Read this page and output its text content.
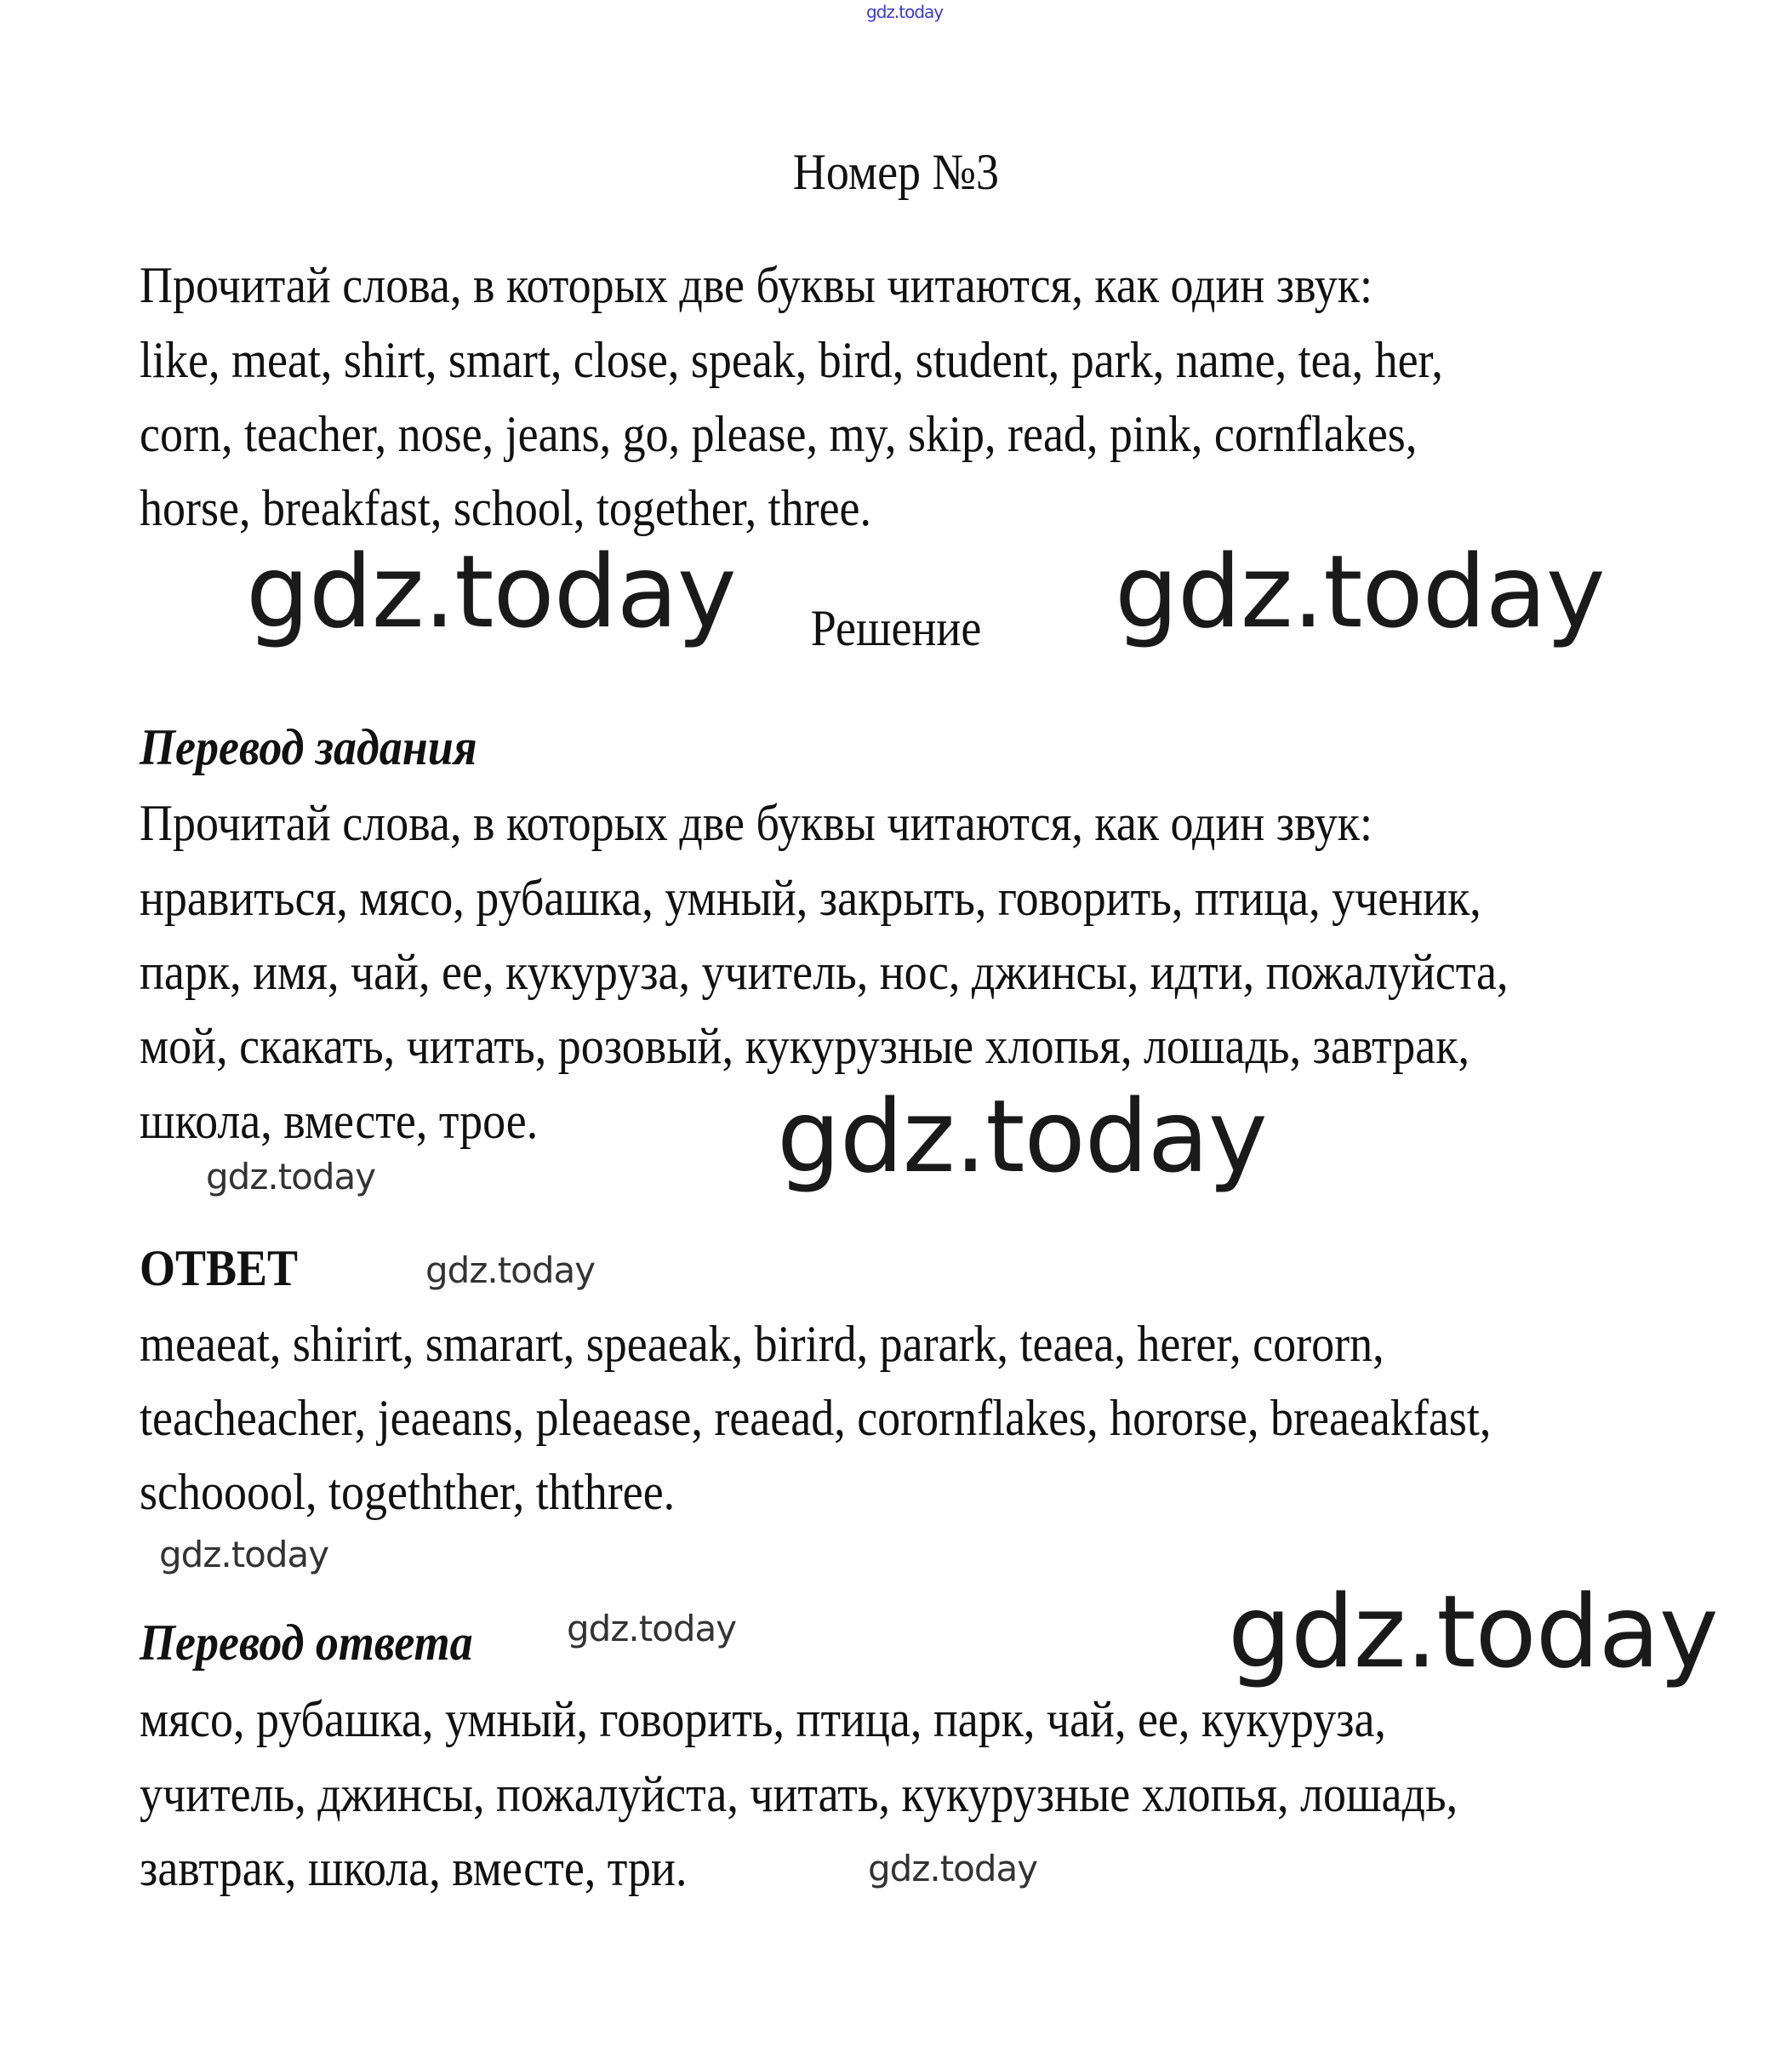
gdz.today
Номер №3
Прочитай слова, в которых две буквы читаются, как один звук:
like, meat, shirt, smart, close, speak, bird, student, park, name, tea, her,
corn, teacher, nose, jeans, go, please, my, skip, read, pink, cornflakes,
horse, breakfast, school, together, three.
gdz.today	gdz.today
Решение
Перевод задания
Прочитай слова, в которых две буквы читаются, как один звук:
нравиться, мясо, рубашка, умный, закрыть, говорить, птица, ученик,
парк, имя, чай, ее, кукуруза, учитель, нос, джинсы, идти, пожалуйста,
мой, скакать, читать, розовый, кукурузные хлопья, лошадь, завтрак,
школа, вместе, трое.
gdz.today	gdz.today
ОТВЕТ	gdz.today
meaeat, shirirt, smarart, speaeak, birird, parark, teaea, herer, cororn,
teacheacher, jeaeans, pleaease, reaead, corornflakes, hororse, breaeakfast,
schooool, togethther, ththree.
gdz.today
Перевод ответа	gdz.today	gdz.today
мясо, рубашка, умный, говорить, птица, парк, чай, ее, кукуруза,
учитель, джинсы, пожалуйста, читать, кукурузные хлопья, лошадь,
завтрак, школа, вместе, три.	gdz.today
